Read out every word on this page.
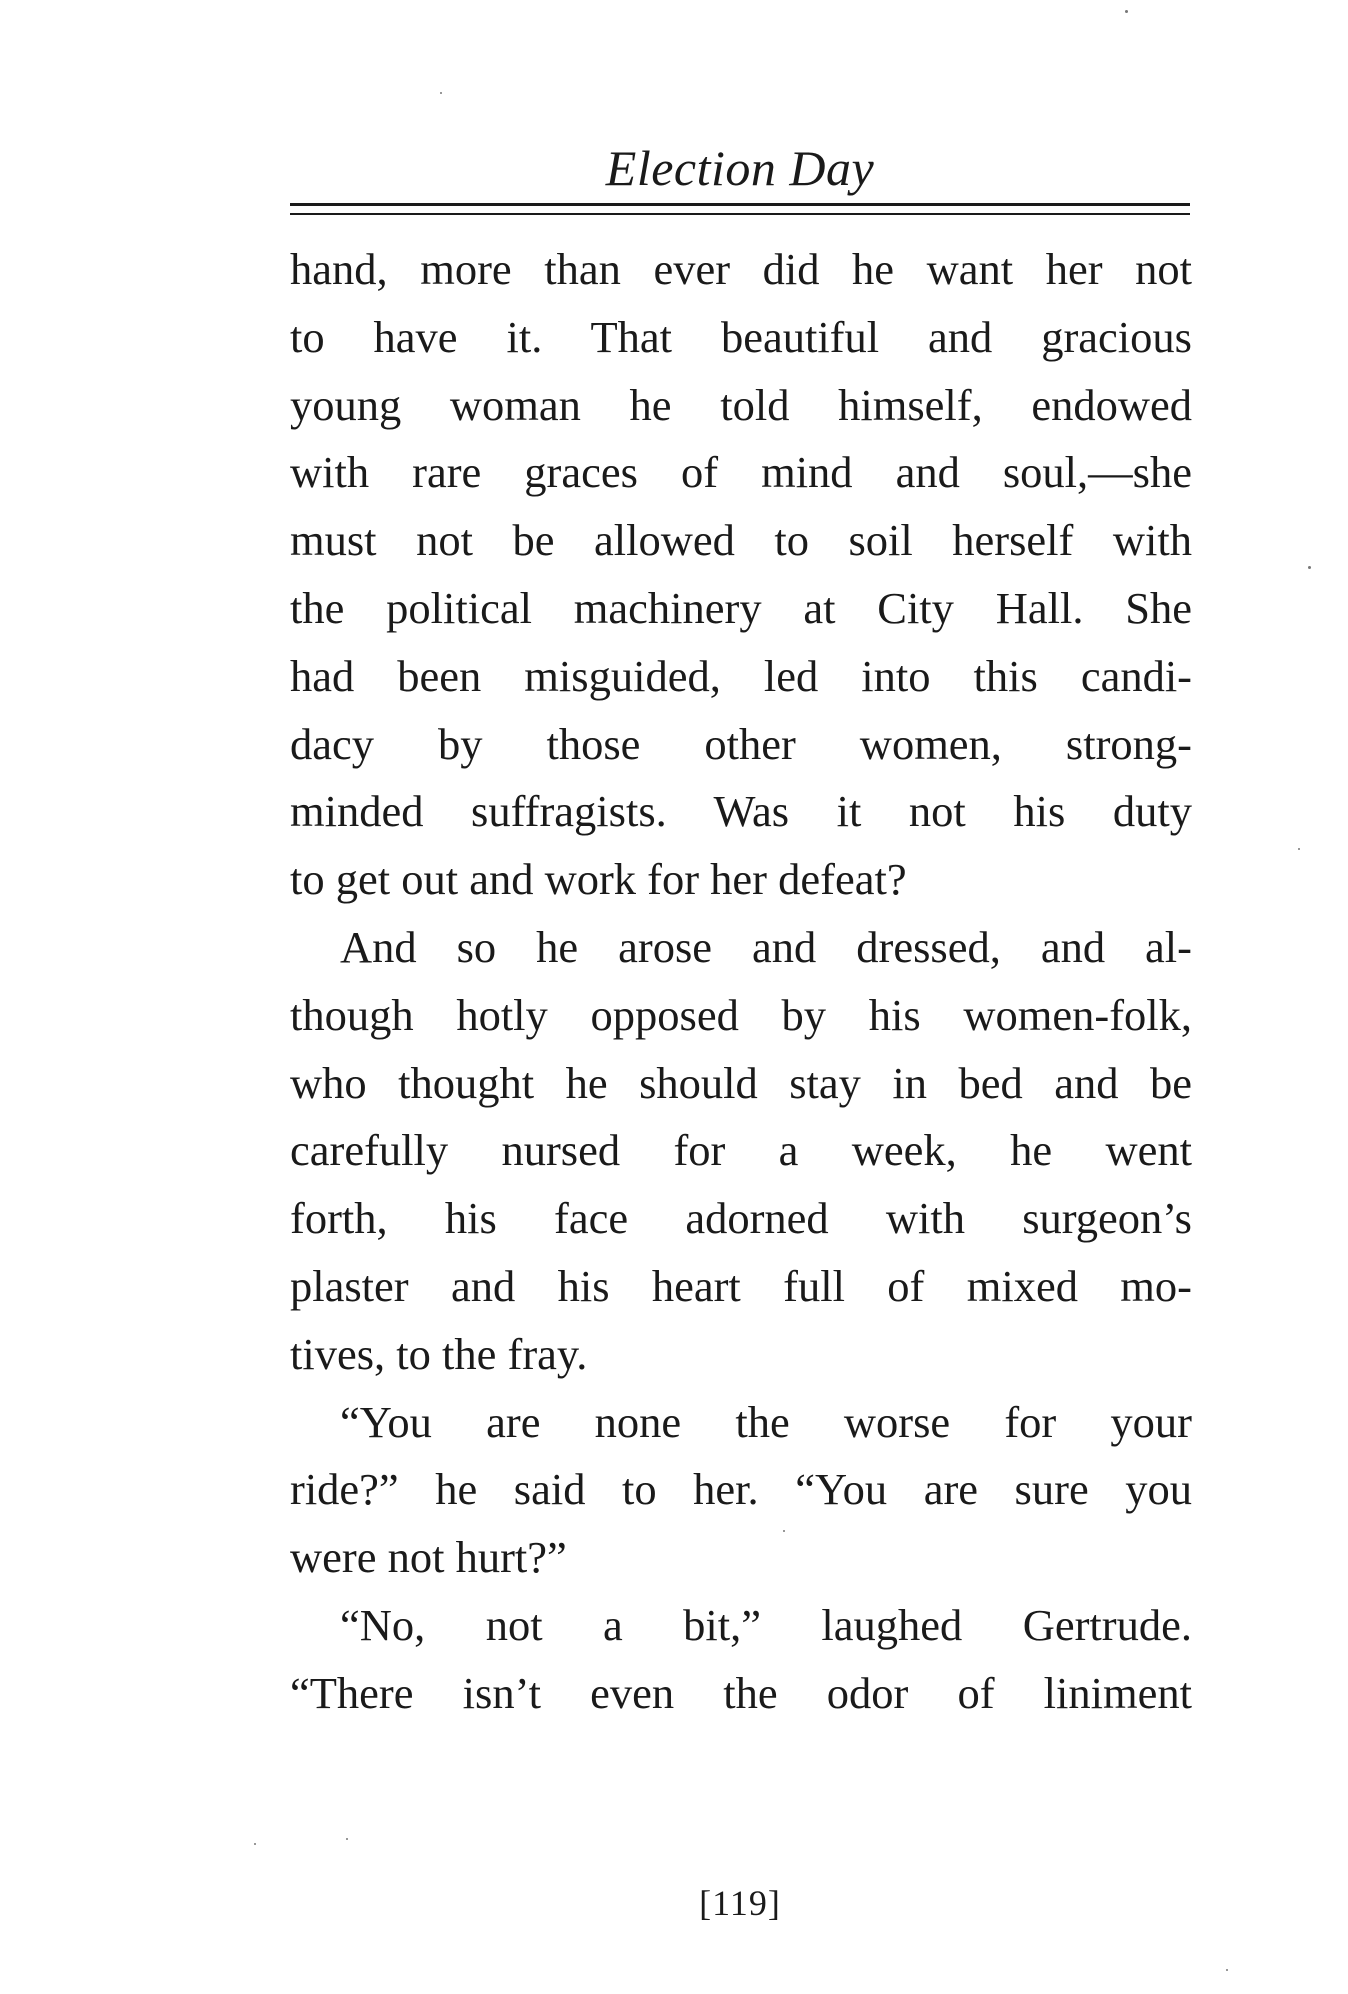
Election Day
hand, more than ever did he want her not
to have it. That beautiful and gracious
young woman he told himself, endowed
with rare graces of mind and soul,—she
must not be allowed to soil herself with
the political machinery at City Hall. She
had been misguided, led into this candi-
dacy by those other women, strong-
minded suffragists. Was it not his duty
to get out and work for her defeat?
And so he arose and dressed, and al-
though hotly opposed by his women-folk,
who thought he should stay in bed and be
carefully nursed for a week, he went
forth, his face adorned with surgeon’s
plaster and his heart full of mixed mo-
tives, to the fray.
“You are none the worse for your
ride?” he said to her. “You are sure you
were not hurt?”
“No, not a bit,” laughed Gertrude.
“There isn’t even the odor of liniment
[119]
